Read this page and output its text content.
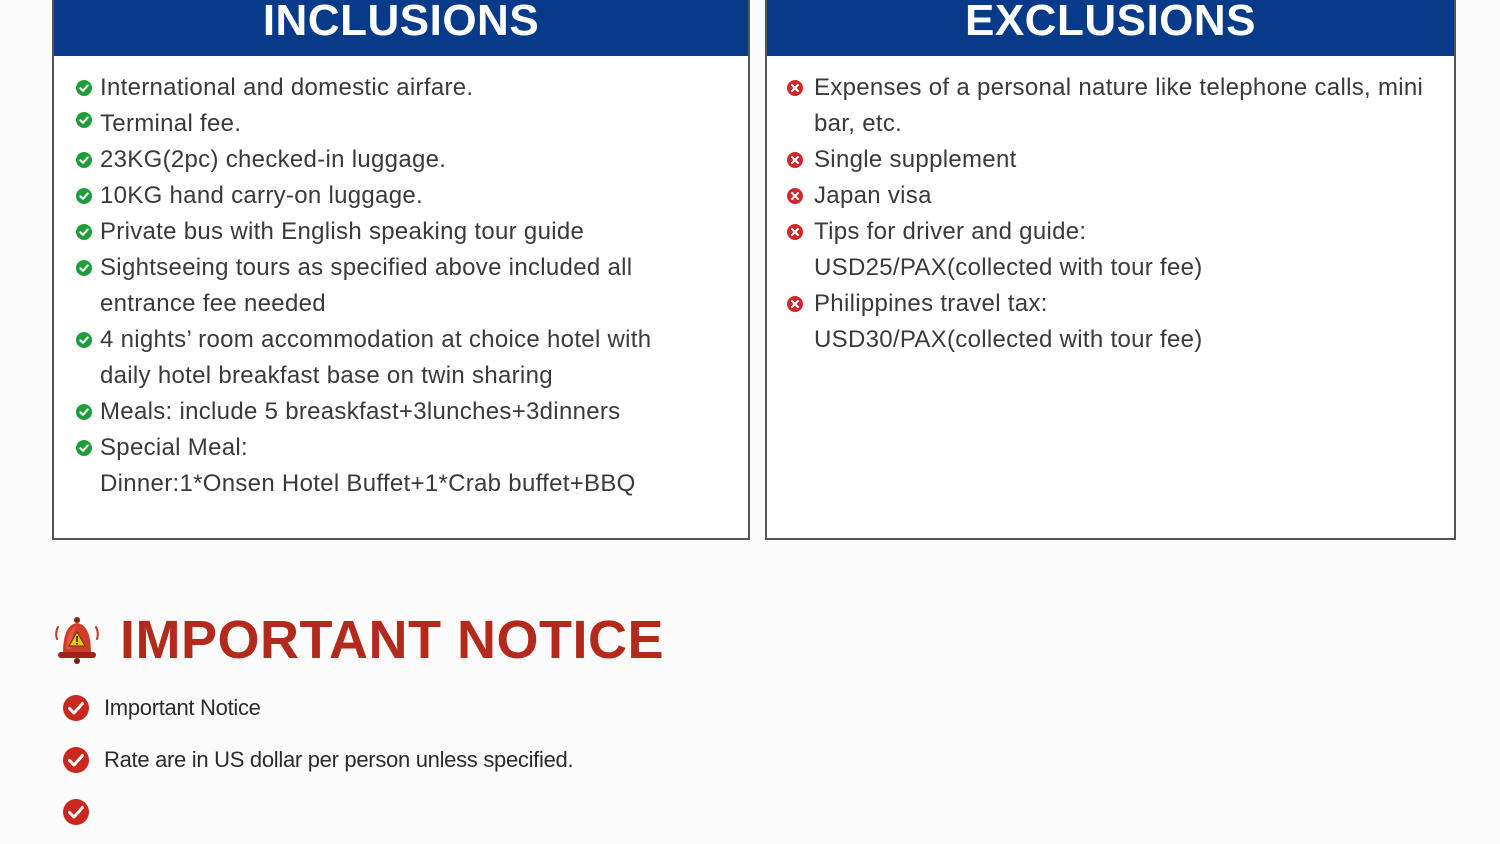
INCLUSIONS
International and domestic airfare.
Terminal fee.
23KG(2pc) checked-in luggage.
10KG hand carry-on luggage.
Private bus with English speaking tour guide
Sightseeing tours as specified above included all entrance fee needed
4 nights’ room accommodation at choice hotel with daily hotel breakfast base on twin sharing
Meals: include 5 breaskfast+3lunches+3dinners
Special Meal:
Dinner:1*Onsen Hotel Buffet+1*Crab buffet+BBQ
EXCLUSIONS
Expenses of a personal nature like telephone calls, mini bar, etc.
Single supplement
Japan visa
Tips for driver and guide:
USD25/PAX(collected with tour fee)
Philippines travel tax:
USD30/PAX(collected with tour fee)
IMPORTANT NOTICE
Important Notice
Rate are in US dollar per person unless specified.
